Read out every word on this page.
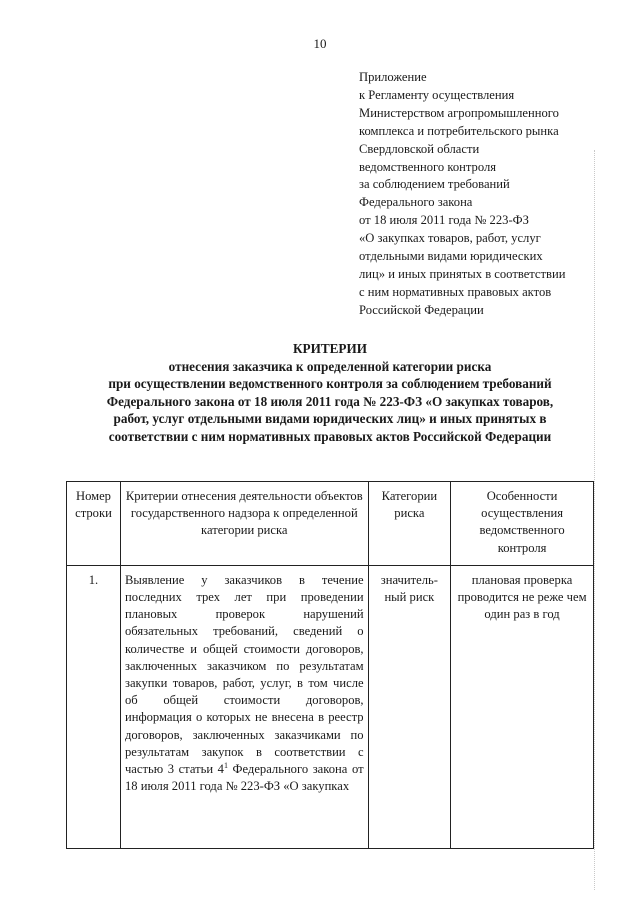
10
Приложение
к Регламенту осуществления
Министерством агропромышленного
комплекса и потребительского рынка
Свердловской области
ведомственного контроля
за соблюдением требований
Федерального закона
от 18 июля 2011 года № 223-ФЗ
«О закупках товаров, работ, услуг
отдельными видами юридических
лиц» и иных принятых в соответствии
с ним нормативных правовых актов
Российской Федерации
КРИТЕРИИ
отнесения заказчика к определенной категории риска
при осуществлении ведомственного контроля за соблюдением требований
Федерального закона от 18 июля 2011 года № 223-ФЗ «О закупках товаров,
работ, услуг отдельными видами юридических лиц» и иных принятых в
соответствии с ним нормативных правовых актов Российской Федерации
Номер строки	Критерии отнесения деятельности объектов государственного надзора к определенной категории риска	Категории риска	Особенности осуществления ведомственного контроля
1.	Выявление у заказчиков в течение последних трех лет при проведении плановых проверок нарушений обязательных требований, сведений о количестве и общей стоимости договоров, заключенных заказчиком по результатам закупки товаров, работ, услуг, в том числе об общей стоимости договоров, информация о которых не внесена в реестр договоров, заключенных заказчиками по результатам закупок в соответствии с частью 3 статьи $4^1$ Федерального закона от 18 июля 2011 года № 223-ФЗ «О закупках	значитель-ный риск	плановая проверка проводится не реже чем один раз в год
